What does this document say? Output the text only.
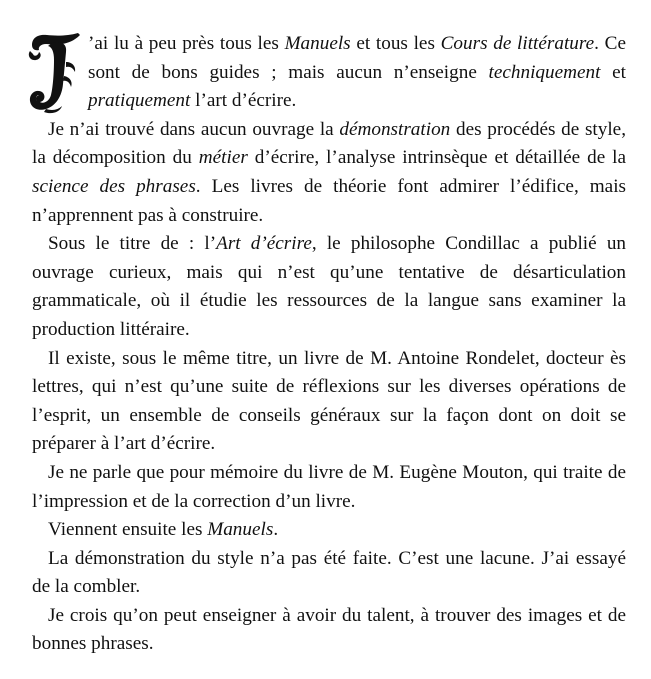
’ai lu à peu près tous les Manuels et tous les Cours de littérature. Ce sont de bons guides ; mais aucun n’enseigne techniquement et pratiquement l’art d’écrire.
Je n’ai trouvé dans aucun ouvrage la démonstration des procédés de style, la décomposition du métier d’écrire, l’analyse intrinsèque et détaillée de la science des phrases. Les livres de théorie font admirer l’édifice, mais n’apprennent pas à construire.
Sous le titre de : l’Art d’écrire, le philosophe Condillac a publié un ouvrage curieux, mais qui n’est qu’une tentative de désarticulation grammaticale, où il étudie les ressources de la langue sans examiner la production littéraire.
Il existe, sous le même titre, un livre de M. Antoine Rondelet, docteur ès lettres, qui n’est qu’une suite de réflexions sur les diverses opérations de l’esprit, un ensemble de conseils généraux sur la façon dont on doit se préparer à l’art d’écrire.
Je ne parle que pour mémoire du livre de M. Eugène Mouton, qui traite de l’impression et de la correction d’un livre.
Viennent ensuite les Manuels.
La démonstration du style n’a pas été faite. C’est une lacune. J’ai essayé de la combler.
Je crois qu’on peut enseigner à avoir du talent, à trouver des images et de bonnes phrases.
